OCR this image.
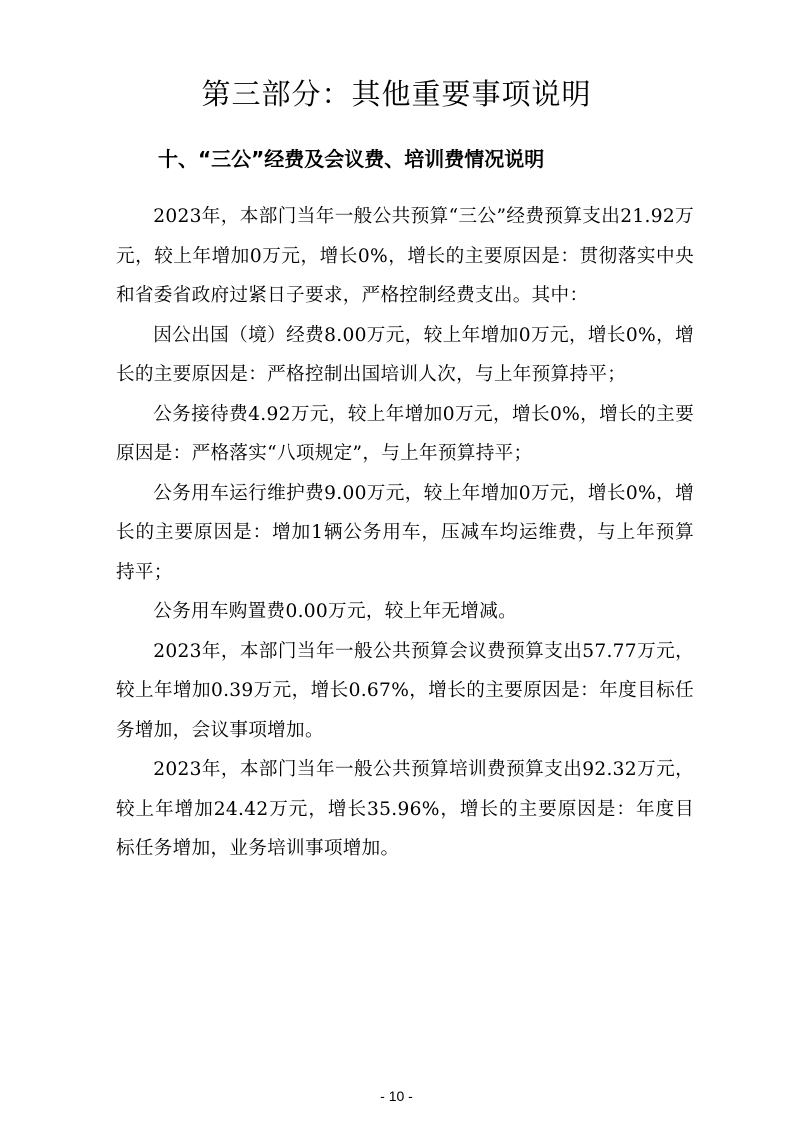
第三部分：其他重要事项说明
十、“三公”经费及会议费、培训费情况说明

2023年，本部门当年一般公共预算“三公”经费预算支出21.92万元，较上年增加0万元，增长0%，增长的主要原因是：贯彻落实中央和省委省政府过紧日子要求，严格控制经费支出。其中：

因公出国（境）经费8.00万元，较上年增加0万元，增长0%，增长的主要原因是：严格控制出国培训人次，与上年预算持平；

公务接待费4.92万元，较上年增加0万元，增长0%，增长的主要原因是：严格落实“八项规定”，与上年预算持平；

公务用车运行维护费9.00万元，较上年增加0万元，增长0%，增长的主要原因是：增加1辆公务用车，压减车均运维费，与上年预算持平；

公务用车购置费0.00万元，较上年无增减。

2023年，本部门当年一般公共预算会议费预算支出57.77万元，较上年增加0.39万元，增长0.67%，增长的主要原因是：年度目标任务增加，会议事项增加。

2023年，本部门当年一般公共预算培训费预算支出92.32万元，较上年增加24.42万元，增长35.96%，增长的主要原因是：年度目标任务增加，业务培训事项增加。

- 10 -
